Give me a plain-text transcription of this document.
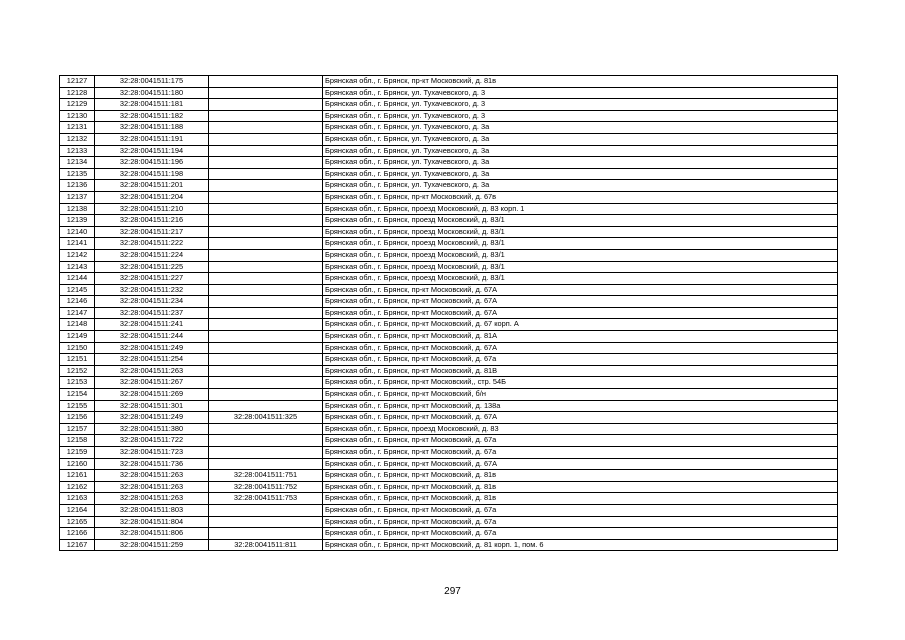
12127	32:28:0041511:175		Брянская обл., г. Брянск, пр-кт Московский, д. 81в
12128	32:28:0041511:180		Брянская обл., г. Брянск, ул. Тухачевского, д. 3
12129	32:28:0041511:181		Брянская обл., г. Брянск, ул. Тухачевского, д. 3
12130	32:28:0041511:182		Брянская обл., г. Брянск, ул. Тухачевского, д. 3
12131	32:28:0041511:188		Брянская обл., г. Брянск, ул. Тухачевского, д. 3а
12132	32:28:0041511:191		Брянская обл., г. Брянск, ул. Тухачевского, д. 3а
12133	32:28:0041511:194		Брянская обл., г. Брянск, ул. Тухачевского, д. 3а
12134	32:28:0041511:196		Брянская обл., г. Брянск, ул. Тухачевского, д. 3а
12135	32:28:0041511:198		Брянская обл., г. Брянск, ул. Тухачевского, д. 3а
12136	32:28:0041511:201		Брянская обл., г. Брянск, ул. Тухачевского, д. 3а
12137	32:28:0041511:204		Брянская обл., г. Брянск, пр-кт Московский, д. 67в
12138	32:28:0041511:210		Брянская обл., г. Брянск, проезд Московский, д. 83 корп. 1
12139	32:28:0041511:216		Брянская обл., г. Брянск, проезд Московский, д. 83/1
12140	32:28:0041511:217		Брянская обл., г. Брянск, проезд Московский, д. 83/1
12141	32:28:0041511:222		Брянская обл., г. Брянск, проезд Московский, д. 83/1
12142	32:28:0041511:224		Брянская обл., г. Брянск, проезд Московский, д. 83/1
12143	32:28:0041511:225		Брянская обл., г. Брянск, проезд Московский, д. 83/1
12144	32:28:0041511:227		Брянская обл., г. Брянск, проезд Московский, д. 83/1
12145	32:28:0041511:232		Брянская обл., г. Брянск, пр-кт Московский, д. 67А
12146	32:28:0041511:234		Брянская обл., г. Брянск, пр-кт Московский, д. 67А
12147	32:28:0041511:237		Брянская обл., г. Брянск, пр-кт Московский, д. 67А
12148	32:28:0041511:241		Брянская обл., г. Брянск, пр-кт Московский, д. 67 корп. А
12149	32:28:0041511:244		Брянская обл., г. Брянск, пр-кт Московский, д. 81А
12150	32:28:0041511:249		Брянская обл., г. Брянск, пр-кт Московский, д. 67А
12151	32:28:0041511:254		Брянская обл., г. Брянск, пр-кт Московский, д. 67а
12152	32:28:0041511:263		Брянская обл., г. Брянск, пр-кт Московский, д. 81В
12153	32:28:0041511:267		Брянская обл., г. Брянск, пр-кт Московский,, стр. 54Б
12154	32:28:0041511:269		Брянская обл., г. Брянск, пр-кт Московский, б/н
12155	32:28:0041511:301		Брянская обл., г. Брянск, пр-кт Московский, д. 138а
12156	32:28:0041511:249	32:28:0041511:325	Брянская обл., г. Брянск, пр-кт Московский, д. 67А
12157	32:28:0041511:380		Брянская обл., г. Брянск, проезд Московский, д. 83
12158	32:28:0041511:722		Брянская обл., г. Брянск, пр-кт Московский, д. 67а
12159	32:28:0041511:723		Брянская обл., г. Брянск, пр-кт Московский, д. 67а
12160	32:28:0041511:736		Брянская обл., г. Брянск, пр-кт Московский, д. 67А
12161	32:28:0041511:263	32:28:0041511:751	Брянская обл., г. Брянск, пр-кт Московский, д. 81в
12162	32:28:0041511:263	32:28:0041511:752	Брянская обл., г. Брянск, пр-кт Московский, д. 81в
12163	32:28:0041511:263	32:28:0041511:753	Брянская обл., г. Брянск, пр-кт Московский, д. 81в
12164	32:28:0041511:803		Брянская обл., г. Брянск, пр-кт Московский, д. 67а
12165	32:28:0041511:804		Брянская обл., г. Брянск, пр-кт Московский, д. 67а
12166	32:28:0041511:806		Брянская обл., г. Брянск, пр-кт Московский, д. 67а
12167	32:28:0041511:259	32:28:0041511:811	Брянская обл., г. Брянск, пр-кт Московский, д. 81 корп. 1, пом. 6
297
